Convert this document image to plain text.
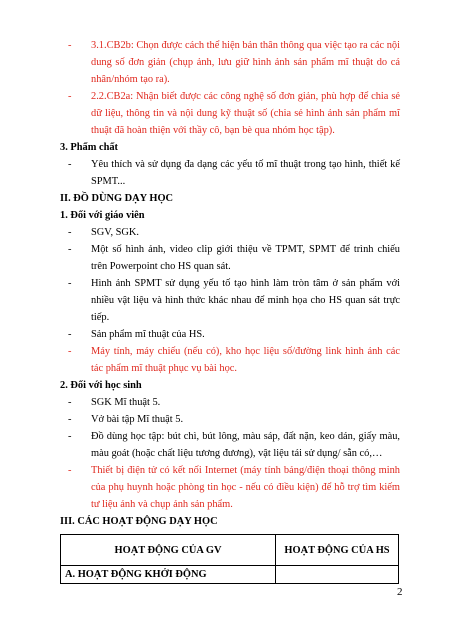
- 3.1.CB2b: Chọn được cách thể hiện bản thân thông qua việc tạo ra các nội dung số đơn giản (chụp ảnh, lưu giữ hình ảnh sản phẩm mĩ thuật do cá nhân/nhóm tạo ra).
- 2.2.CB2a: Nhận biết được các công nghệ số đơn giản, phù hợp để chia sẻ dữ liệu, thông tin và nội dung kỹ thuật số (chia sẻ hình ảnh sản phẩm mĩ thuật đã hoàn thiện với thầy cô, bạn bè qua nhóm học tập).
3. Phẩm chất
- Yêu thích và sử dụng đa dạng các yếu tố mĩ thuật trong tạo hình, thiết kế SPMT...
II. ĐỒ DÙNG DẠY HỌC
1. Đối với giáo viên
- SGV, SGK.
- Một số hình ảnh, video clip giới thiệu về TPMT, SPMT để trình chiếu trên Powerpoint cho HS quan sát.
- Hình ảnh SPMT sử dụng yếu tố tạo hình làm tròn tâm ở sản phẩm với nhiều vật liệu và hình thức khác nhau để minh họa cho HS quan sát trực tiếp.
- Sản phẩm mĩ thuật của HS.
- Máy tính, máy chiếu (nếu có), kho học liệu số/đường link hình ảnh các tác phẩm mĩ thuật phục vụ bài học.
2. Đối với học sinh
- SGK Mĩ thuật 5.
- Vở bài tập Mĩ thuật 5.
- Đồ dùng học tập: bút chì, bút lông, màu sáp, đất nặn, keo dán, giấy màu, màu goát (hoặc chất liệu tương đương), vật liệu tái sử dụng/ sẵn có,…
- Thiết bị điện tử có kết nối Internet (máy tính bảng/điện thoại thông minh của phụ huynh hoặc phòng tin học - nếu có điều kiện) để hỗ trợ tìm kiếm tư liệu ảnh và chụp ảnh sản phẩm.
III. CÁC HOẠT ĐỘNG DẠY HỌC
HOẠT ĐỘNG CỦA GV	HOẠT ĐỘNG CỦA HS
A. HOẠT ĐỘNG KHỞI ĐỘNG	
2
